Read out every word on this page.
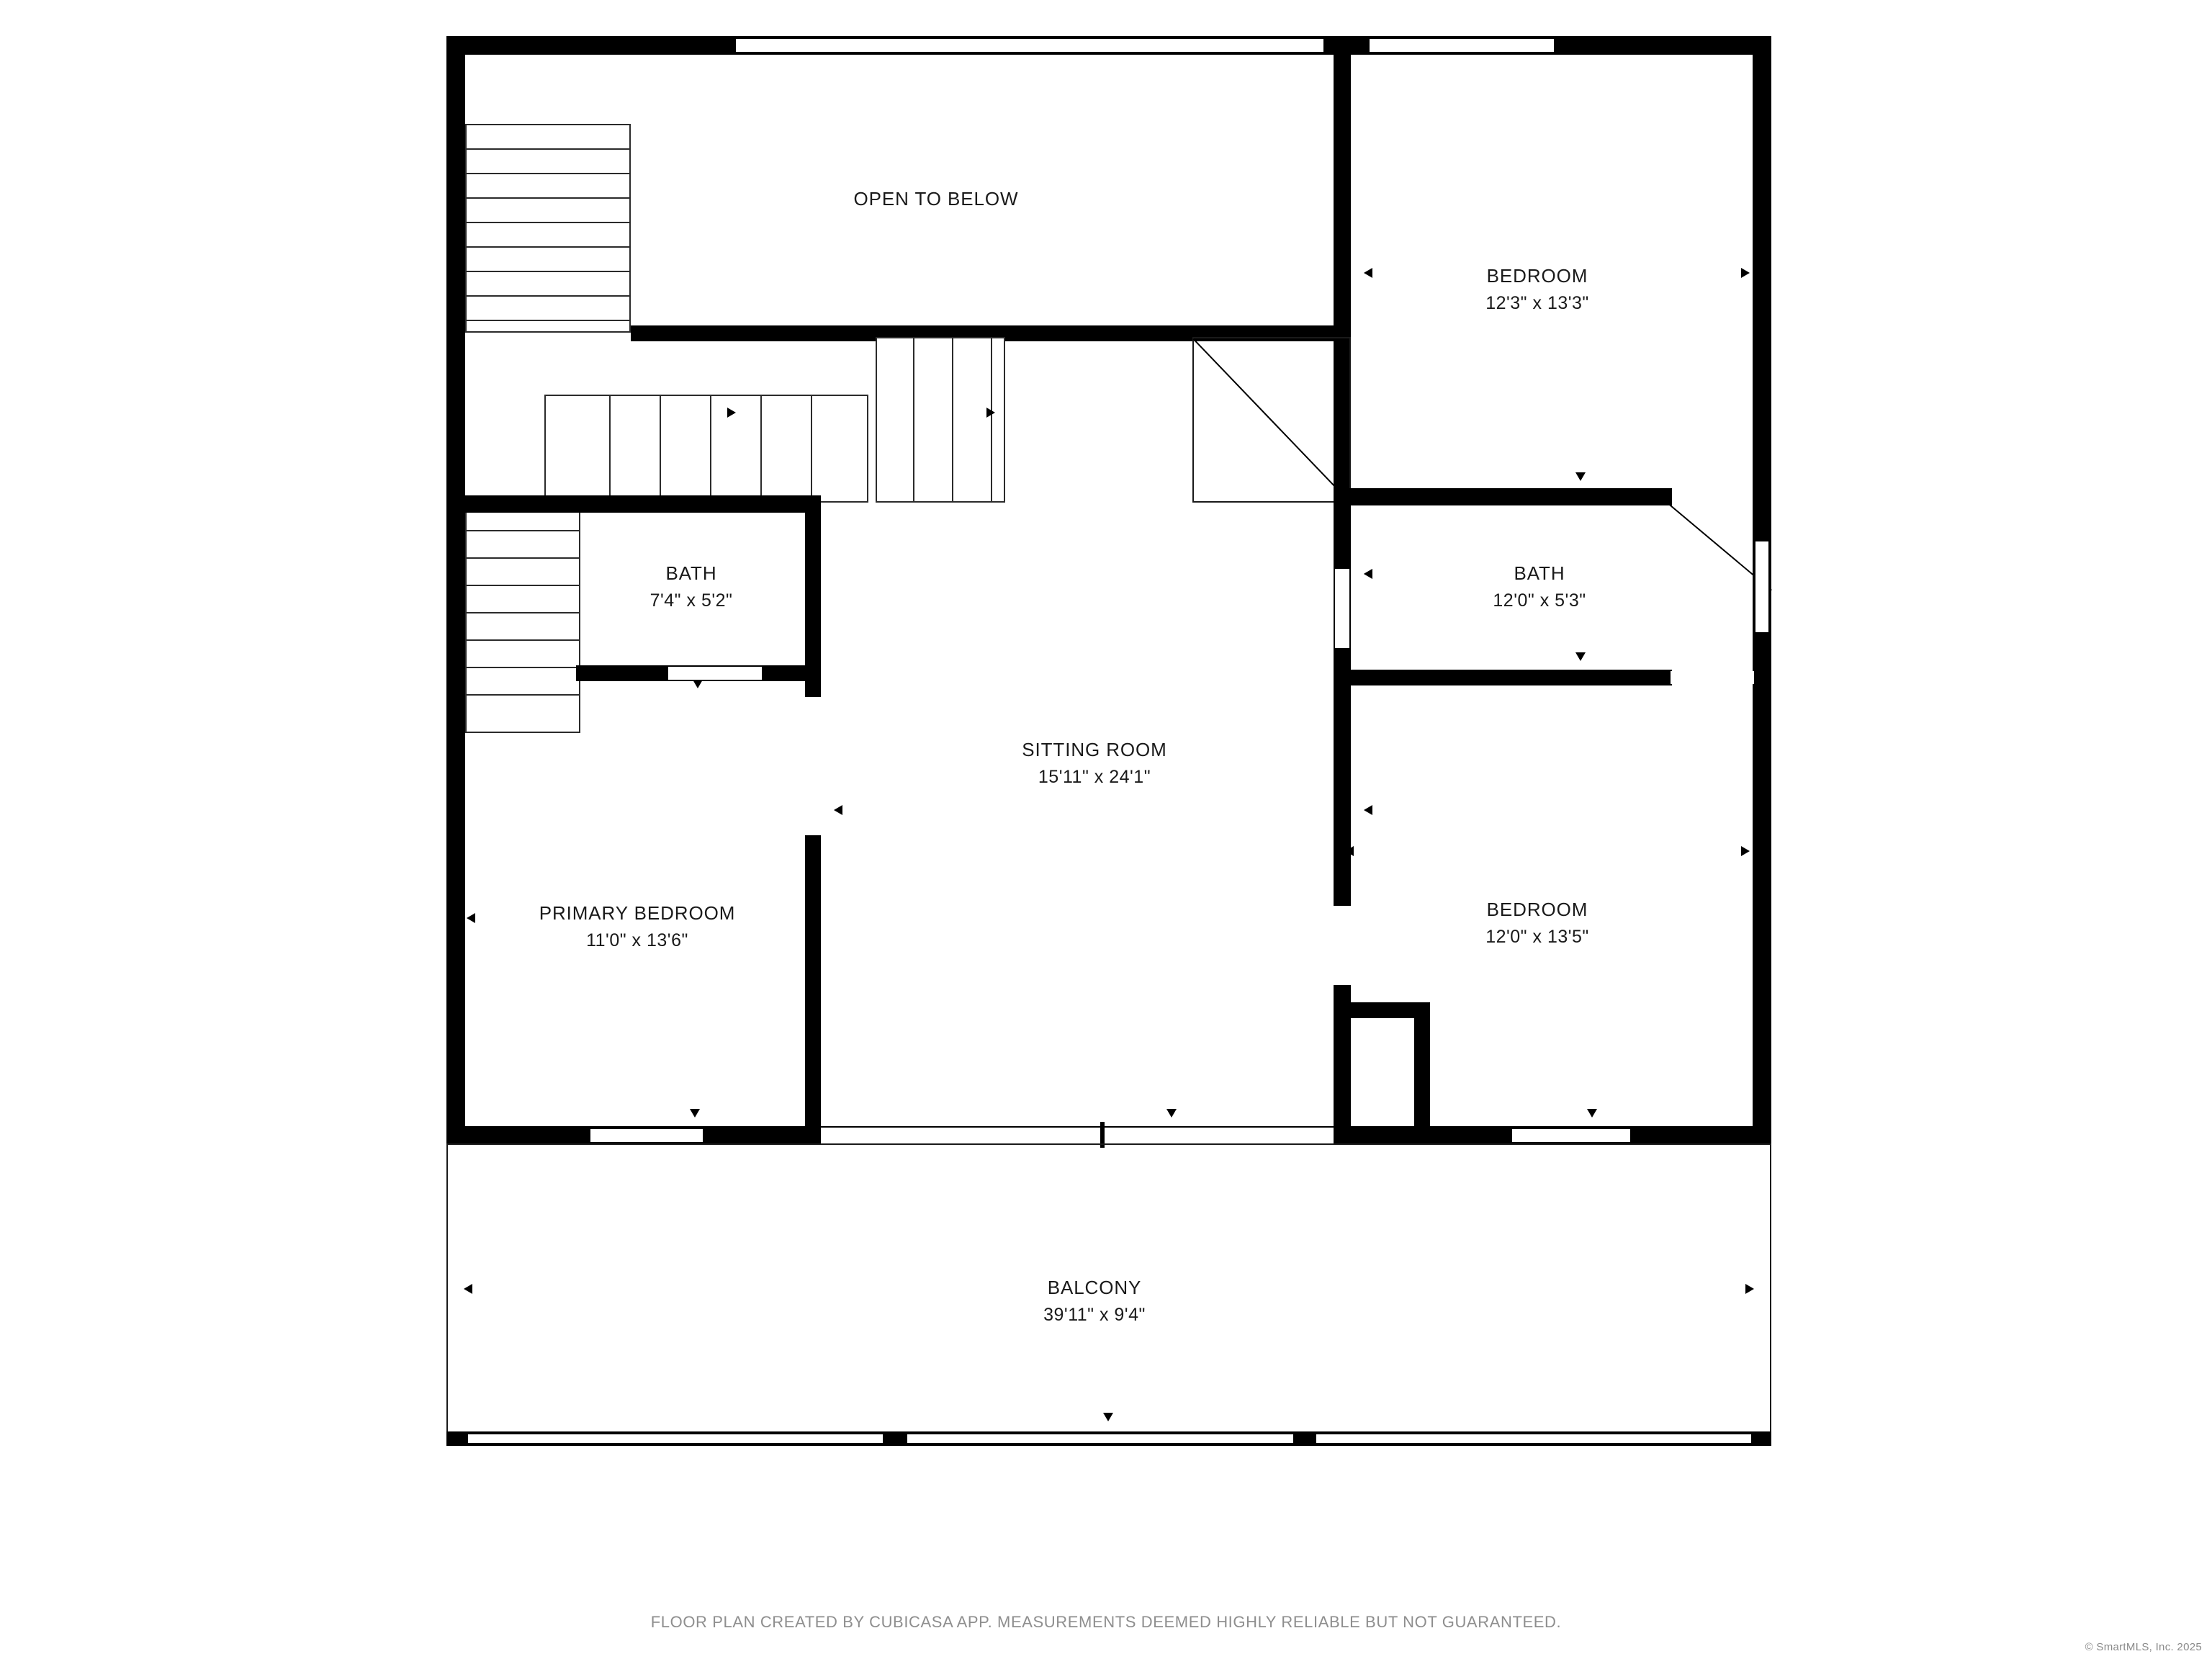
OPEN TO BELOW
BEDROOM
12'3" x 13'3"
BATH
7'4" x 5'2"
BATH
12'0" x 5'3"
SITTING ROOM
15'11" x 24'1"
PRIMARY BEDROOM
11'0" x 13'6"
BEDROOM
12'0" x 13'5"
BALCONY
39'11" x 9'4"
FLOOR PLAN CREATED BY CUBICASA APP. MEASUREMENTS DEEMED HIGHLY RELIABLE BUT NOT GUARANTEED.
© SmartMLS, Inc. 2025
